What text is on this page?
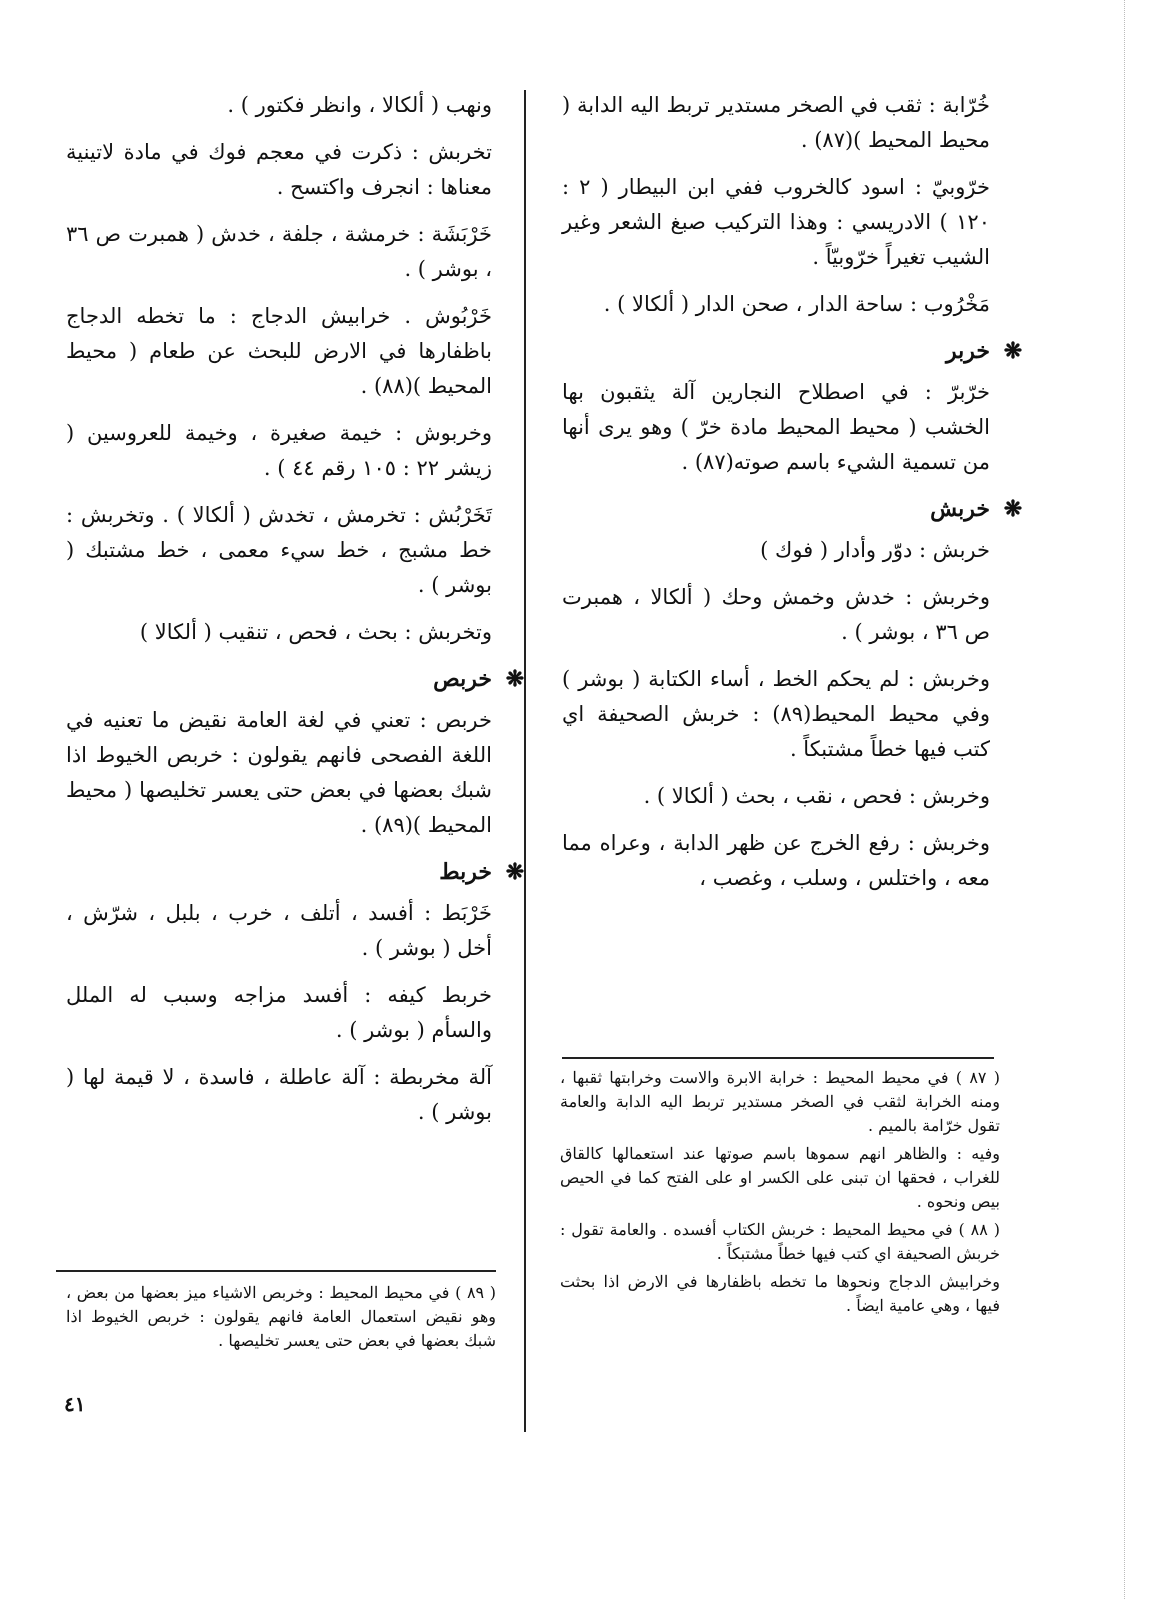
خُرّابة : ثقب في الصخر مستدير تربط اليه الدابة ( محيط المحيط )(٨٧) .

خرّوبيّ : اسود كالخروب ففي ابن البيطار ( ٢ : ١٢٠ ) الادريسي : وهذا التركيب صبغ الشعر وغير الشيب تغيراً خرّوبيّاً .

مَخْرُوب : ساحة الدار ، صحن الدار ( ألكالا ) .

❋
خربر

خرّبرّ : في اصطلاح النجارين آلة يثقبون بها الخشب ( محيط المحيط مادة خرّ ) وهو يرى أنها من تسمية الشيء باسم صوته(٨٧) .

❋
خربش

خربش : دوّر وأدار ( فوك )

وخربش : خدش وخمش وحك ( ألكالا ، همبرت ص ٣٦ ، بوشر ) .

وخربش : لم يحكم الخط ، أساء الكتابة ( بوشر ) وفي محيط المحيط(٨٩) : خربش الصحيفة اي كتب فيها خطاً مشتبكاً .

وخربش : فحص ، نقب ، بحث ( ألكالا ) .

وخربش : رفع الخرج عن ظهر الدابة ، وعراه مما معه ، واختلس ، وسلب ، وغصب ،

ونهب ( ألكالا ، وانظر فكتور ) .

تخربش : ذكرت في معجم فوك في مادة لاتينية معناها : انجرف واكتسح .

خَرْبَشَة : خرمشة ، جلفة ، خدش ( همبرت ص ٣٦ ، بوشر ) .

خَرْبُوش . خرابيش الدجاج : ما تخطه الدجاج باظفارها في الارض للبحث عن طعام ( محيط المحيط )(٨٨) .

وخربوش : خيمة صغيرة ، وخيمة للعروسين ( زيشر ٢٢ : ١٠٥ رقم ٤٤ ) .

تَخَرْبُش : تخرمش ، تخدش ( ألكالا ) . وتخربش : خط مشبج ، خط سيء معمى ، خط مشتبك ( بوشر ) .

وتخربش : بحث ، فحص ، تنقيب ( ألكالا )

❋
خربص

خربص : تعني في لغة العامة نقيض ما تعنيه في اللغة الفصحى فانهم يقولون : خربص الخيوط اذا شبك بعضها في بعض حتى يعسر تخليصها ( محيط المحيط )(٨٩) .

❋
خربط

خَرْبَط : أفسد ، أتلف ، خرب ، بلبل ، شرّش ، أخل ( بوشر ) .

خربط كيفه : أفسد مزاجه وسبب له الملل والسأم ( بوشر ) .

آلة مخربطة : آلة عاطلة ، فاسدة ، لا قيمة لها ( بوشر ) .

( ٨٧ ) في محيط المحيط : خرابة الابرة والاست وخرابتها ثقبها ، ومنه الخرابة لثقب في الصخر مستدير تربط اليه الدابة والعامة تقول خرّامة بالميم .

وفيه : والظاهر انهم سموها باسم صوتها عند استعمالها كالقاق للغراب ، فحقها ان تبنى على الكسر او على الفتح كما في الحيص بيص ونحوه .

( ٨٨ ) في محيط المحيط : خربش الكتاب أفسده . والعامة تقول : خربش الصحيفة اي كتب فيها خطاً مشتبكاً .

وخرابيش الدجاج ونحوها ما تخطه باظفارها في الارض اذا بحثت فيها ، وهي عامية ايضاً .

( ٨٩ ) في محيط المحيط : وخربص الاشياء ميز بعضها من بعض ، وهو نقيض استعمال العامة فانهم يقولون : خربص الخيوط اذا شبك بعضها في بعض حتى يعسر تخليصها .

٤١
